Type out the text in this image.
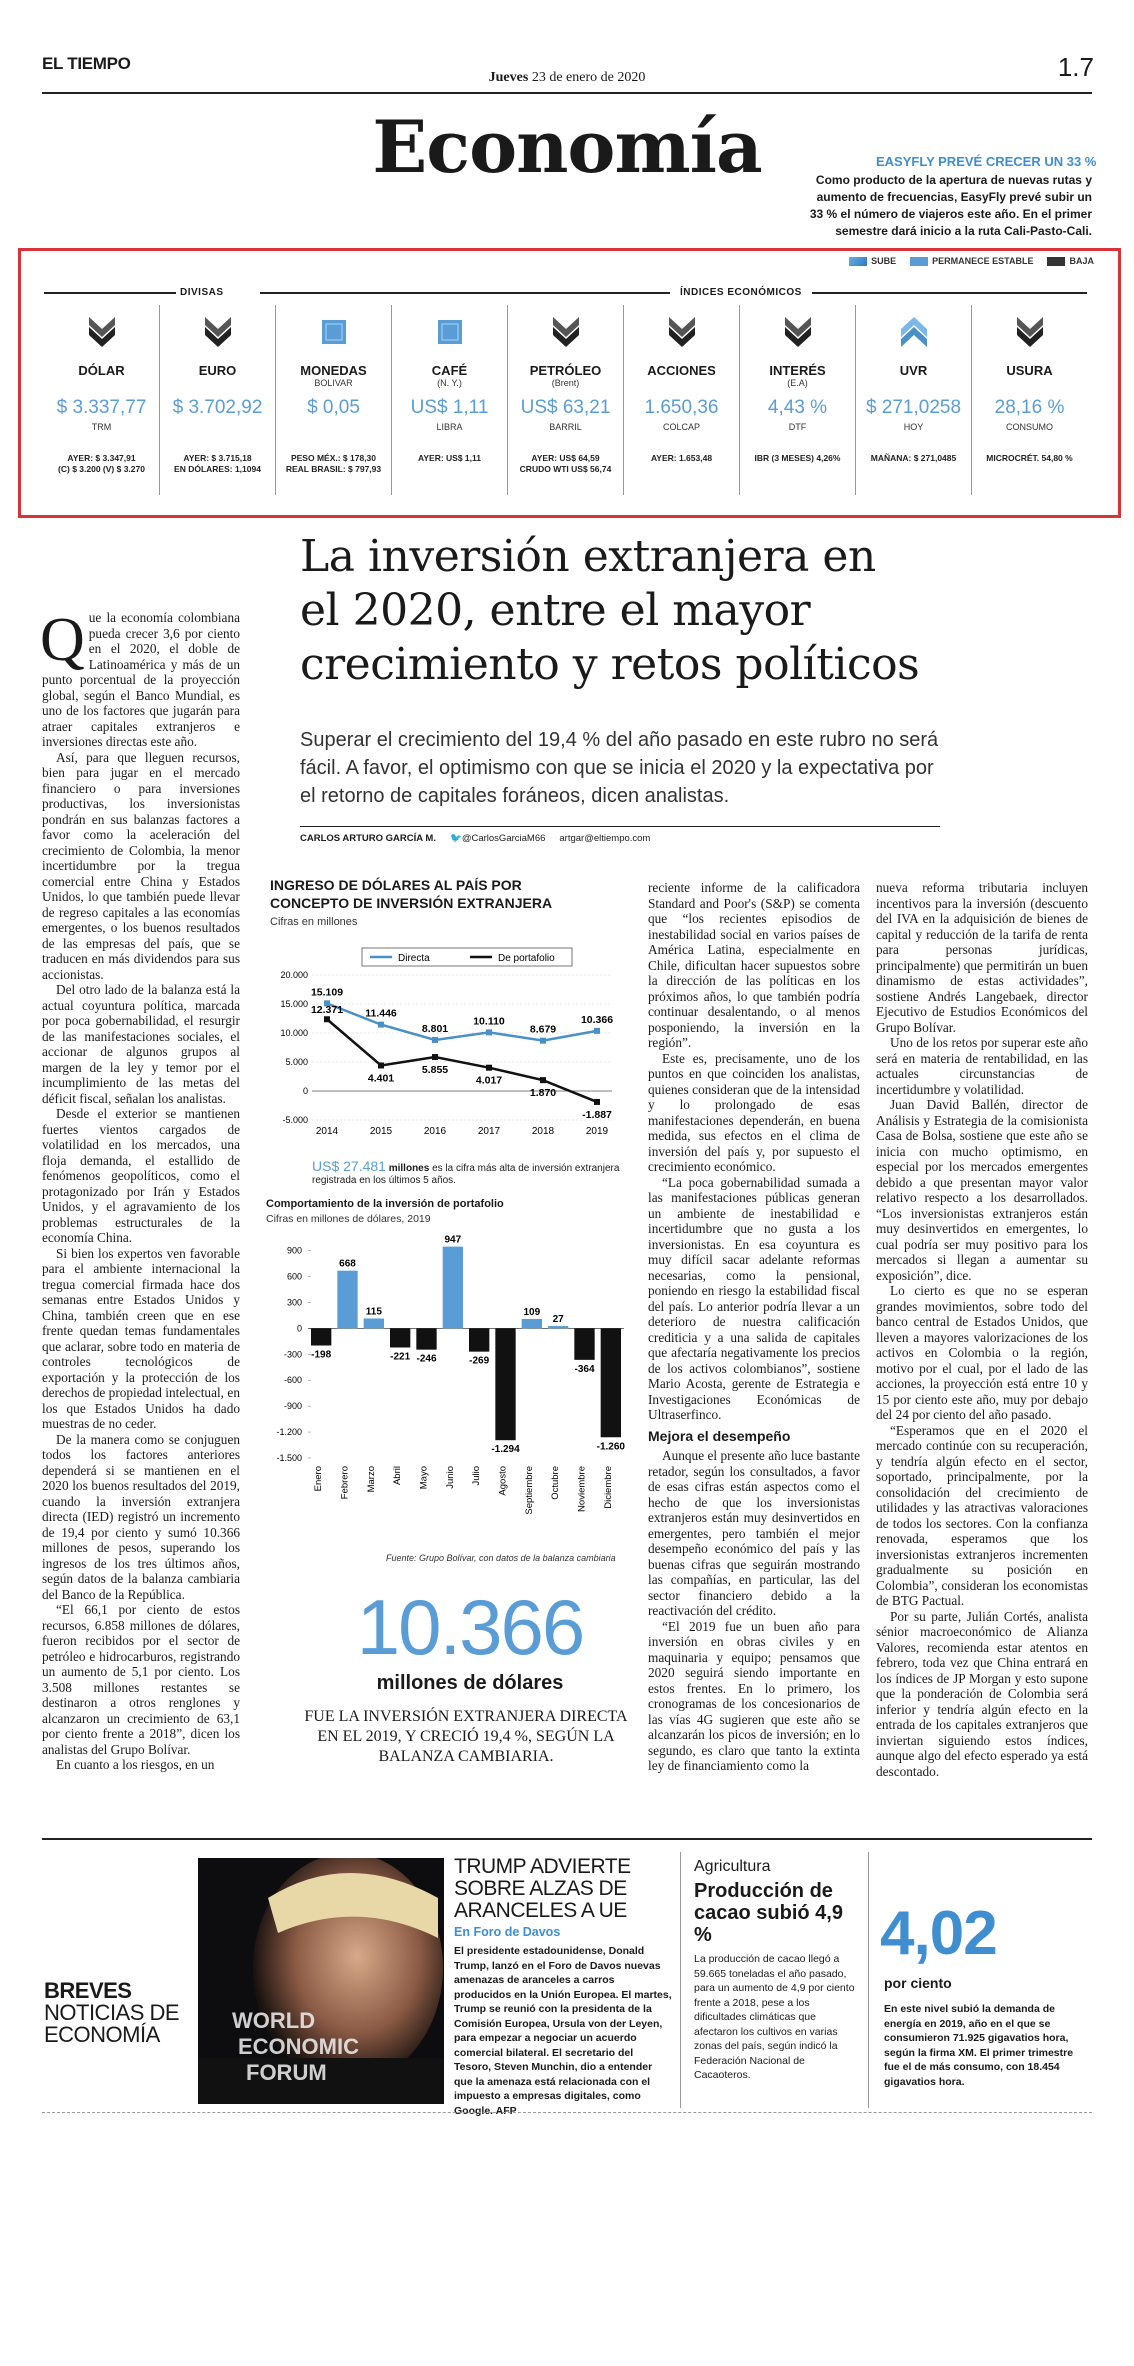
EL TIEMPO
Jueves 23 de enero de 2020	1.7
Economía	EASYFLY PREVÉ CRECER UN 33 %
Como producto de la apertura de nuevas rutas y aumento de frecuencias, EasyFly prevé subir un 33 % el número de viajeros este año. En el primer semestre dará inicio a la ruta Cali-Pasto-Cali.
SUBE	PERMANECE ESTABLE	BAJA
DIVISAS	ÍNDICES ECONÓMICOS
DÓLAR
$ 3.337,77
TRM
AYER: $ 3.347,91
(C) $ 3.200 (V) $ 3.270
EURO
$ 3.702,92
AYER: $ 3.715,18
EN DÓLARES: 1,1094
MONEDAS
BOLIVAR
$ 0,05
PESO MÉX.: $ 178,30
REAL BRASIL: $ 797,93
CAFÉ
(N. Y.)
US$ 1,11
LIBRA
AYER: US$ 1,11
PETRÓLEO
(Brent)
US$ 63,21
BARRIL
AYER: US$ 64,59
CRUDO WTI US$ 56,74
ACCIONES
1.650,36
COLCAP
AYER: 1.653,48
INTERÉS
(E.A)
4,43 %
DTF
IBR (3 MESES) 4,26%
UVR
$ 271,0258
HOY
MAÑANA: $ 271,0485
USURA
28,16 %
CONSUMO
MICROCRÉT. 54,80 %
La inversión extranjera en el 2020, entre el mayor crecimiento y retos políticos
Superar el crecimiento del 19,4 % del año pasado en este rubro no será fácil. A favor, el optimismo con que se inicia el 2020 y la expectativa por el retorno de capitales foráneos, dicen analistas.
CARLOS ARTURO GARCÍA M. 🐦@CarlosGarciaM66 artgar@eltiempo.com
Q ue la economía colombiana pueda crecer 3,6 por ciento en el 2020, el doble de Latinoamérica y más de un punto porcentual de la proyección global, según el Banco Mundial, es uno de los factores que jugarán para atraer capitales extranjeros e inversiones directas este año.

Así, para que lleguen recursos, bien para jugar en el mercado financiero o para inversiones productivas, los inversionistas pondrán en sus balanzas factores a favor como la aceleración del crecimiento de Colombia, la menor incertidumbre por la tregua comercial entre China y Estados Unidos, lo que también puede llevar de regreso capitales a las economías emergentes, o los buenos resultados de las empresas del país, que se traducen en más dividendos para sus accionistas.

Del otro lado de la balanza está la actual coyuntura política, marcada por poca gobernabilidad, el resurgir de las manifestaciones sociales, el accionar de algunos grupos al margen de la ley y temor por el incumplimiento de las metas del déficit fiscal, señalan los analistas.

Desde el exterior se mantienen fuertes vientos cargados de volatilidad en los mercados, una floja demanda, el estallido de fenómenos geopolíticos, como el protagonizado por Irán y Estados Unidos, y el agravamiento de los problemas estructurales de la economía China.

Si bien los expertos ven favorable para el ambiente internacional la tregua comercial firmada hace dos semanas entre Estados Unidos y China, también creen que en ese frente quedan temas fundamentales que aclarar, sobre todo en materia de controles tecnológicos de exportación y la protección de los derechos de propiedad intelectual, en los que Estados Unidos ha dado muestras de no ceder.

De la manera como se conjuguen todos los factores anteriores dependerá si se mantienen en el 2020 los buenos resultados del 2019, cuando la inversión extranjera directa (IED) registró un incremento de 19,4 por ciento y sumó 10.366 millones de pesos, superando los ingresos de los tres últimos años, según datos de la balanza cambiaria del Banco de la República.

“El 66,1 por ciento de estos recursos, 6.858 millones de dólares, fueron recibidos por el sector de petróleo e hidrocarburos, registrando un aumento de 5,1 por ciento. Los 3.508 millones restantes se destinaron a otros renglones y alcanzaron un crecimiento de 63,1 por ciento frente a 2018”, dicen los analistas del Grupo Bolívar.

En cuanto a los riesgos, en un

INGRESO DE DÓLARES AL PAÍS POR CONCEPTO DE INVERSIÓN EXTRANJERA
Cifras en millones
Directa	De portafolio
20.000
15.000
10.000
5.000
0
-5.000
2014	2015	2016	2017	2018	2019
15.109
11.446
8.801
10.110
8.679
10.366
12.371
4.401
5.855
4.017
1.870
-1.887
US$ 27.481 millones es la cifra más alta de inversión extranjera registrada en los últimos 5 años.
Comportamiento de la inversión de portafolio
Cifras en millones de dólares, 2019
900
600
300
0
-300
-600
-900
-1.200
-1.500
-198
Enero
668
Febrero
115
Marzo
-221
Abril
-246
Mayo
947
Junio
-269
Julio
-1.294
Agosto
109
Septiembre
27
Octubre
-364
Noviembre
-1.260
Diciembre
Fuente: Grupo Bolívar, con datos de la balanza cambiaria
10.366
millones de dólares
FUE LA INVERSIÓN EXTRANJERA DIRECTA EN EL 2019, Y CRECIÓ 19,4 %, SEGÚN LA BALANZA CAMBIARIA.

reciente informe de la calificadora Standard and Poor's (S&P) se comenta que “los recientes episodios de inestabilidad social en varios países de América Latina, especialmente en Chile, dificultan hacer supuestos sobre la dirección de las políticas en los próximos años, lo que también podría continuar desalentando, o al menos posponiendo, la inversión en la región”.

Este es, precisamente, uno de los puntos en que coinciden los analistas, quienes consideran que de la intensidad y lo prolongado de esas manifestaciones dependerán, en buena medida, sus efectos en el clima de inversión del país y, por supuesto el crecimiento económico.

“La poca gobernabilidad sumada a las manifestaciones públicas generan un ambiente de inestabilidad e incertidumbre que no gusta a los inversionistas. En esa coyuntura es muy difícil sacar adelante reformas necesarias, como la pensional, poniendo en riesgo la estabilidad fiscal del país. Lo anterior podría llevar a un deterioro de nuestra calificación crediticia y a una salida de capitales que afectaría negativamente los precios de los activos colombianos”, sostiene Mario Acosta, gerente de Estrategia e Investigaciones Económicas de Ultraserfinco.

Mejora el desempeño

Aunque el presente año luce bastante retador, según los consultados, a favor de esas cifras están aspectos como el hecho de que los inversionistas extranjeros están muy desinvertidos en emergentes, pero también el mejor desempeño económico del país y las buenas cifras que seguirán mostrando las compañías, en particular, las del sector financiero debido a la reactivación del crédito.

“El 2019 fue un buen año para inversión en obras civiles y en maquinaria y equipo; pensamos que 2020 seguirá siendo importante en estos frentes. En lo primero, los cronogramas de los concesionarios de las vías 4G sugieren que este año se alcanzarán los picos de inversión; en lo segundo, es claro que tanto la extinta ley de financiamiento como la

nueva reforma tributaria incluyen incentivos para la inversión (descuento del IVA en la adquisición de bienes de capital y reducción de la tarifa de renta para personas jurídicas, principalmente) que permitirán un buen dinamismo de estas actividades”, sostiene Andrés Langebaek, director Ejecutivo de Estudios Económicos del Grupo Bolívar.

Uno de los retos por superar este año será en materia de rentabilidad, en las actuales circunstancias de incertidumbre y volatilidad.

Juan David Ballén, director de Análisis y Estrategia de la comisionista Casa de Bolsa, sostiene que este año se inicia con mucho optimismo, en especial por los mercados emergentes debido a que presentan mayor valor relativo respecto a los desarrollados. “Los inversionistas extranjeros están muy desinvertidos en emergentes, lo cual podría ser muy positivo para los mercados si llegan a aumentar su exposición”, dice.

Lo cierto es que no se esperan grandes movimientos, sobre todo del banco central de Estados Unidos, que lleven a mayores valorizaciones de los activos en Colombia o la región, motivo por el cual, por el lado de las acciones, la proyección está entre 10 y 15 por ciento este año, muy por debajo del 24 por ciento del año pasado.

“Esperamos que en el 2020 el mercado continúe con su recuperación, y tendría algún efecto en el sector, soportado, principalmente, por la consolidación del crecimiento de utilidades y las atractivas valoraciones de todos los sectores. Con la confianza renovada, esperamos que los inversionistas extranjeros incrementen gradualmente su posición en Colombia”, consideran los economistas de BTG Pactual.

Por su parte, Julián Cortés, analista sénior macroeconómico de Alianza Valores, recomienda estar atentos en febrero, toda vez que China entrará en los índices de JP Morgan y esto supone que la ponderación de Colombia será inferior y tendría algún efecto en la entrada de los capitales extranjeros que inviertan siguiendo estos índices, aunque algo del efecto esperado ya está descontado.

BREVES
NOTICIAS DE ECONOMÍA
WORLD ECONOMIC FORUM
TRUMP ADVIERTE SOBRE ALZAS DE ARANCELES A UE
En Foro de Davos
El presidente estadounidense, Donald Trump, lanzó en el Foro de Davos nuevas amenazas de aranceles a carros producidos en la Unión Europea. El martes, Trump se reunió con la presidenta de la Comisión Europea, Ursula von der Leyen, para empezar a negociar un acuerdo comercial bilateral. El secretario del Tesoro, Steven Munchin, dio a entender que la amenaza está relacionada con el impuesto a empresas digitales, como Google. AFP
Agricultura
Producción de cacao subió 4,9 %
La producción de cacao llegó a 59.665 toneladas el año pasado, para un aumento de 4,9 por ciento frente a 2018, pese a los dificultades climáticas que afectaron los cultivos en varias zonas del país, según indicó la Federación Nacional de Cacaoteros.
4,02
por ciento
En este nivel subió la demanda de energía en 2019, año en el que se consumieron 71.925 gigavatios hora, según la firma XM. El primer trimestre fue el de más consumo, con 18.454 gigavatios hora.
